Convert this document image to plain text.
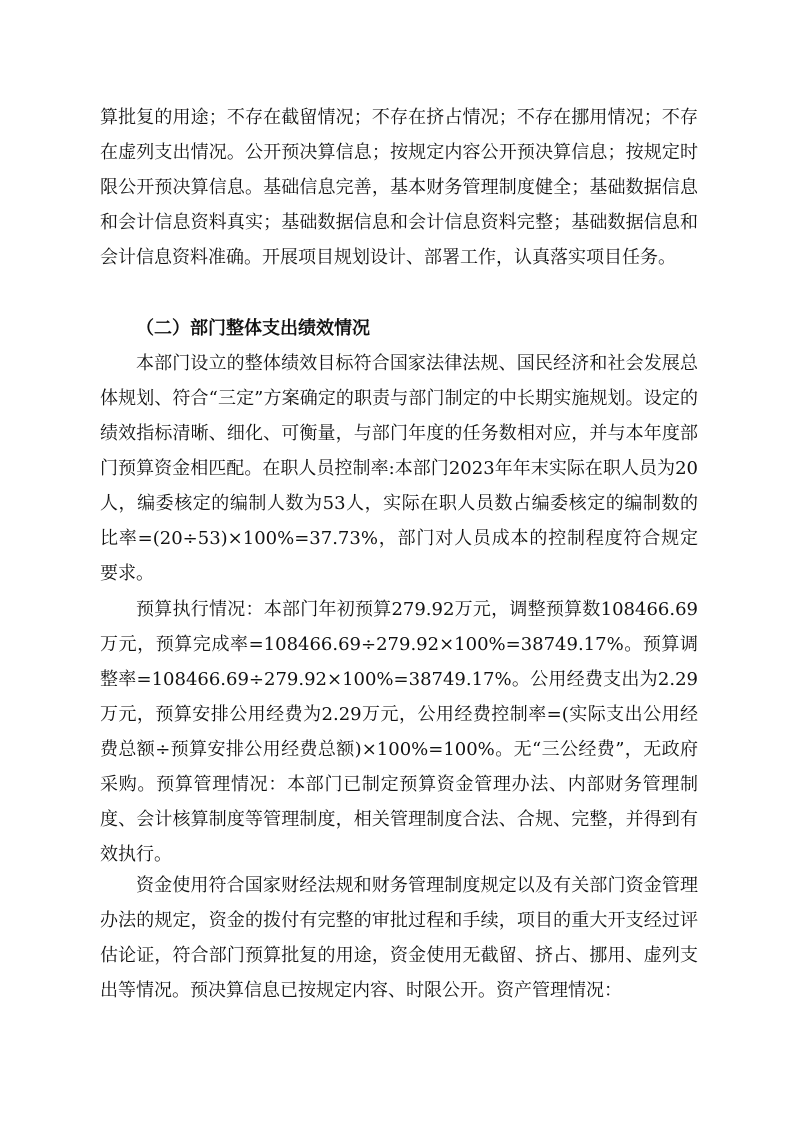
算批复的用途；不存在截留情况；不存在挤占情况；不存在挪用情况；不存在虚列支出情况。公开预决算信息；按规定内容公开预决算信息；按规定时限公开预决算信息。基础信息完善，基本财务管理制度健全；基础数据信息和会计信息资料真实；基础数据信息和会计信息资料完整；基础数据信息和会计信息资料准确。开展项目规划设计、部署工作，认真落实项目任务。

（二）部门整体支出绩效情况

本部门设立的整体绩效目标符合国家法律法规、国民经济和社会发展总体规划、符合“三定”方案确定的职责与部门制定的中长期实施规划。设定的绩效指标清晰、细化、可衡量，与部门年度的任务数相对应，并与本年度部门预算资金相匹配。在职人员控制率:本部门2023年年末实际在职人员为20人，编委核定的编制人数为53人，实际在职人员数占编委核定的编制数的比率=(20÷53)×100%=37.73%，部门对人员成本的控制程度符合规定要求。

预算执行情况：本部门年初预算279.92万元，调整预算数108466.69万元，预算完成率=108466.69÷279.92×100%=38749.17%。预算调整率=108466.69÷279.92×100%=38749.17%。公用经费支出为2.29万元，预算安排公用经费为2.29万元，公用经费控制率=(实际支出公用经费总额÷预算安排公用经费总额)×100%=100%。无“三公经费”，无政府采购。预算管理情况：本部门已制定预算资金管理办法、内部财务管理制度、会计核算制度等管理制度，相关管理制度合法、合规、完整，并得到有效执行。

资金使用符合国家财经法规和财务管理制度规定以及有关部门资金管理办法的规定，资金的拨付有完整的审批过程和手续，项目的重大开支经过评估论证，符合部门预算批复的用途，资金使用无截留、挤占、挪用、虚列支出等情况。预决算信息已按规定内容、时限公开。资产管理情况：
